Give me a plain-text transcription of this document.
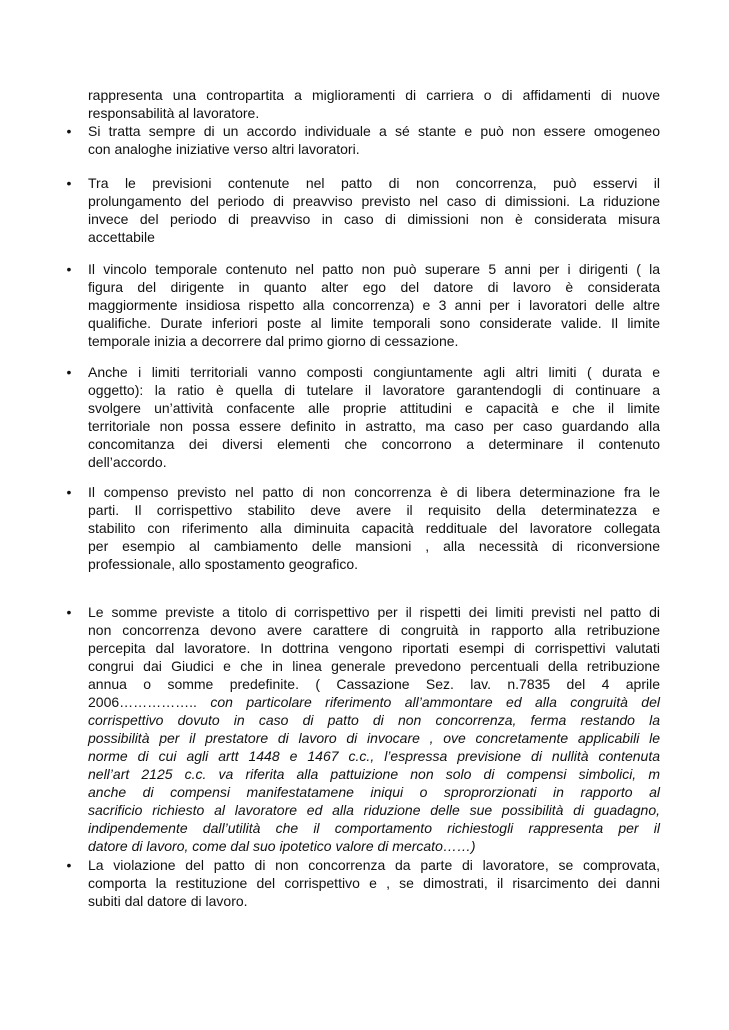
rappresenta una contropartita a miglioramenti di carriera o di affidamenti di nuove
responsabilità al lavoratore.
• Si tratta sempre di un accordo individuale a sé stante e può non essere omogeneo
con analoghe iniziative verso altri lavoratori.
• Tra le previsioni contenute nel patto di non concorrenza, può esservi il
prolungamento del periodo di preavviso previsto nel caso di dimissioni. La riduzione
invece del periodo di preavviso in caso di dimissioni non è considerata misura
accettabile
• Il vincolo temporale contenuto nel patto non può superare 5 anni per i dirigenti ( la
figura del dirigente in quanto alter ego del datore di lavoro è considerata
maggiormente insidiosa rispetto alla concorrenza) e 3 anni per i lavoratori delle altre
qualifiche. Durate inferiori poste al limite temporali sono considerate valide. Il limite
temporale inizia a decorrere dal primo giorno di cessazione.
• Anche i limiti territoriali vanno composti congiuntamente agli altri limiti ( durata e
oggetto): la ratio è quella di tutelare il lavoratore garantendogli di continuare a
svolgere un’attività confacente alle proprie attitudini e capacità e che il limite
territoriale non possa essere definito in astratto, ma caso per caso guardando alla
concomitanza dei diversi elementi che concorrono a determinare il contenuto
dell’accordo.
• Il compenso previsto nel patto di non concorrenza è di libera determinazione fra le
parti. Il corrispettivo stabilito deve avere il requisito della determinatezza e
stabilito con riferimento alla diminuita capacità reddituale del lavoratore collegata
per esempio al cambiamento delle mansioni , alla necessità di riconversione
professionale, allo spostamento geografico.
• Le somme previste a titolo di corrispettivo per il rispetti dei limiti previsti nel patto di
non concorrenza devono avere carattere di congruità in rapporto alla retribuzione
percepita dal lavoratore. In dottrina vengono riportati esempi di corrispettivi valutati
congrui dai Giudici e che in linea generale prevedono percentuali della retribuzione
annua o somme predefinite. ( Cassazione Sez. lav. n.7835 del 4 aprile
2006…………….. con particolare riferimento all’ammontare ed alla congruità del
corrispettivo dovuto in caso di patto di non concorrenza, ferma restando la
possibilità per il prestatore di lavoro di invocare , ove concretamente applicabili le
norme di cui agli artt 1448 e 1467 c.c., l’espressa previsione di nullità contenuta
nell’art 2125 c.c. va riferita alla pattuizione non solo di compensi simbolici, m
anche di compensi manifestatamene iniqui o sproprorzionati in rapporto al
sacrificio richiesto al lavoratore ed alla riduzione delle sue possibilità di guadagno,
indipendemente dall’utilità che il comportamento richiestogli rappresenta per il
datore di lavoro, come dal suo ipotetico valore di mercato……)
• La violazione del patto di non concorrenza da parte di lavoratore, se comprovata,
comporta la restituzione del corrispettivo e , se dimostrati, il risarcimento dei danni
subiti dal datore di lavoro.
